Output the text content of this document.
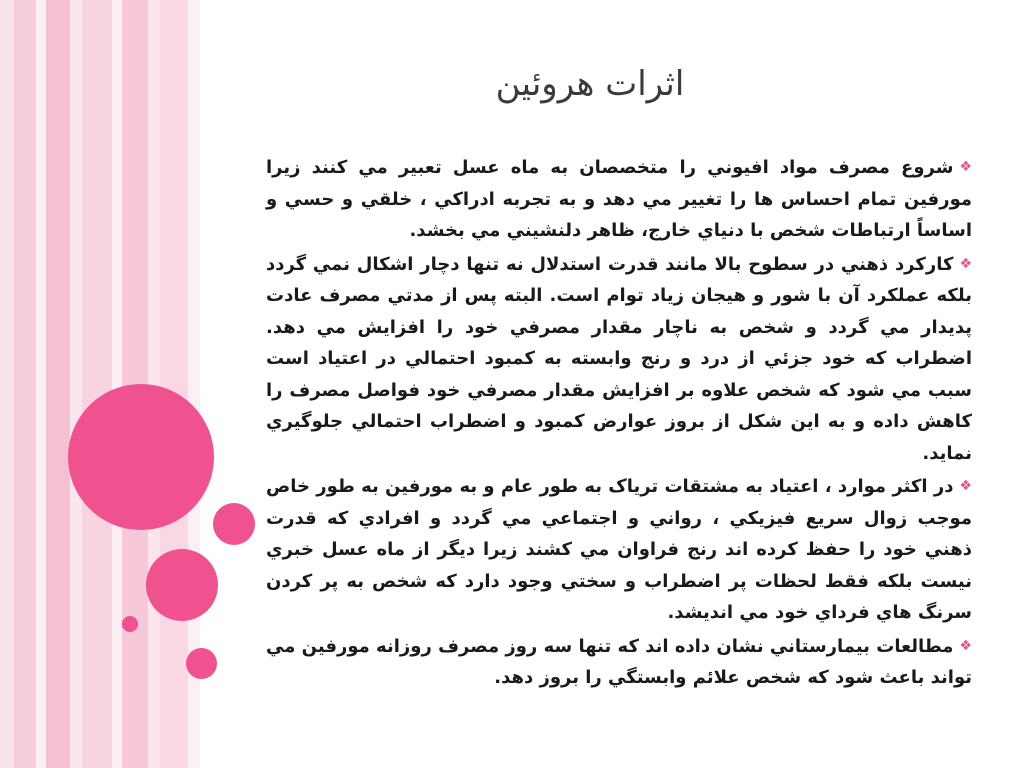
اثرات هروئين

❖شروع مصرف مواد افيوني را متخصصان به ماه عسل تعبير مي کنند زيرا مورفين تمام احساس ها را تغيير مي دهد و به تجربه ادراکي ، خلقي و حسي و اساساً ارتباطات شخص با دنياي خارج، ظاهر دلنشيني مي بخشد.

❖کارکرد ذهني در سطوح بالا مانند قدرت استدلال نه تنها دچار اشکال نمي گردد بلکه عملکرد آن با شور و هيجان زياد توام است. البته پس از مدتي مصرف عادت پديدار مي گردد و شخص به ناچار مقدار مصرفي خود را افزايش مي دهد. اضطراب که خود جزئي از درد و رنج وابسته به کمبود احتمالي در اعتياد است سبب مي شود که شخص علاوه بر افزايش مقدار مصرفي خود فواصل مصرف را کاهش داده و به اين شکل از بروز عوارض کمبود و اضطراب احتمالي جلوگيري نمايد.

❖در اکثر موارد ، اعتياد به مشتقات ترياک به طور عام و به مورفين به طور خاص موجب زوال سريع فيزيکي ، رواني و اجتماعي مي گردد و افرادي که قدرت ذهني خود را حفظ کرده اند رنج فراوان مي کشند زيرا ديگر از ماه عسل خبري نيست بلکه فقط لحظات پر اضطراب و سختي وجود دارد که شخص به پر کردن سرنگ هاي فرداي خود مي انديشد.

❖مطالعات بيمارستاني نشان داده اند که تنها سه روز مصرف روزانه مورفين مي تواند باعث شود که شخص علائم وابستگي را بروز دهد.
